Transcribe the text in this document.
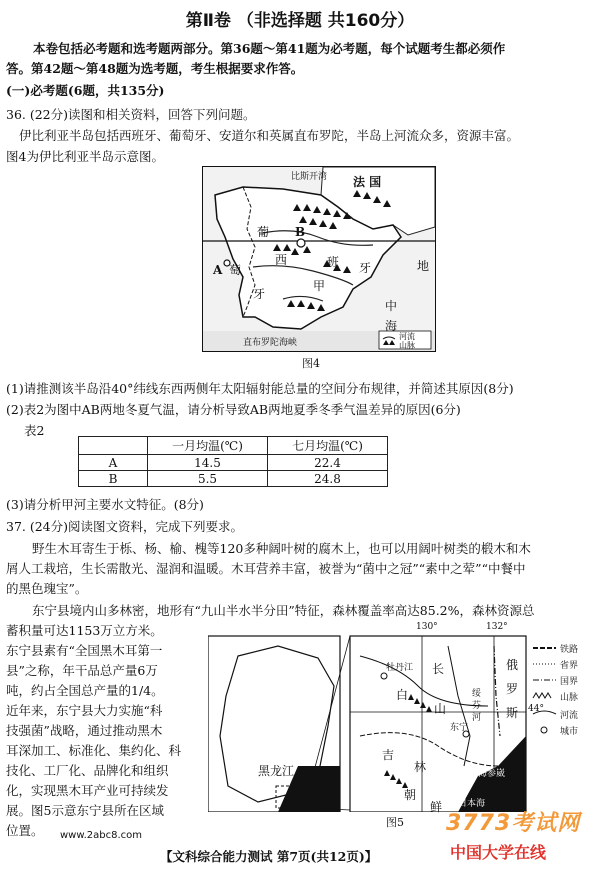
第Ⅱ卷 （非选择题 共160分）
本卷包括必考题和选考题两部分。第36题～第41题为必考题，每个试题考生都必须作
答。第42题～第48题为选考题，考生根据要求作答。
(一)必考题(6题，共135分)
36. (22分)读图和相关资料，回答下列问题。
伊比利亚半岛包括西班牙、葡萄牙、安道尔和英属直布罗陀，半岛上河流众多，资源丰富。
图4为伊比利亚半岛示意图。
比斯开湾 法 国
葡
萄
牙
西	班 牙
甲
地
中
海
A
B
直布罗陀海峡
河流
山脉
图4
(1)请推测该半岛沿40°纬线东西两侧年太阳辐射能总量的空间分布规律，并简述其原因(8分)
(2)表2为图中AB两地冬夏气温，请分析导致AB两地夏季冬季气温差异的原因(6分)
表2
	一月均温(℃)	七月均温(℃)
A	14.5	22.4
B	5.5	24.8
(3)请分析甲河主要水文特征。(8分)
37. (24分)阅读图文资料，完成下列要求。
野生木耳寄生于栎、杨、榆、槐等120多种阔叶树的腐木上，也可以用阔叶树类的椴木和木
屑人工栽培，生长需散光、湿润和温暖。木耳营养丰富，被誉为“菌中之冠”“素中之荤”“中餐中
的黑色瑰宝”。
东宁县境内山多林密，地形有“九山半水半分田”特征，森林覆盖率高达85.2%，森林资源总
蓄积量可达1153万立方米。
东宁县素有“全国黑木耳第一
县”之称，年干品总产量6万
吨，约占全国总产量的1/4。
近年来，东宁县大力实施“科
技强菌”战略，通过推动黑木
耳深加工、标准化、集约化、科
技化、工厂化、品牌化和组织
化，实现黑木耳产业可持续发
展。图5示意东宁县所在区域
位置。
130°	132°
44°
黑龙江
牡丹江 长
白
山
吉
林
朝
鲜
东宁
绥
芬
河
俄
罗
斯
日本海
海参崴
铁路
省界
国界
山脉
河流
城市
图5
www.2abc8.com	3773考试网
中国大学在线
【文科综合能力测试 第7页(共12页)】
